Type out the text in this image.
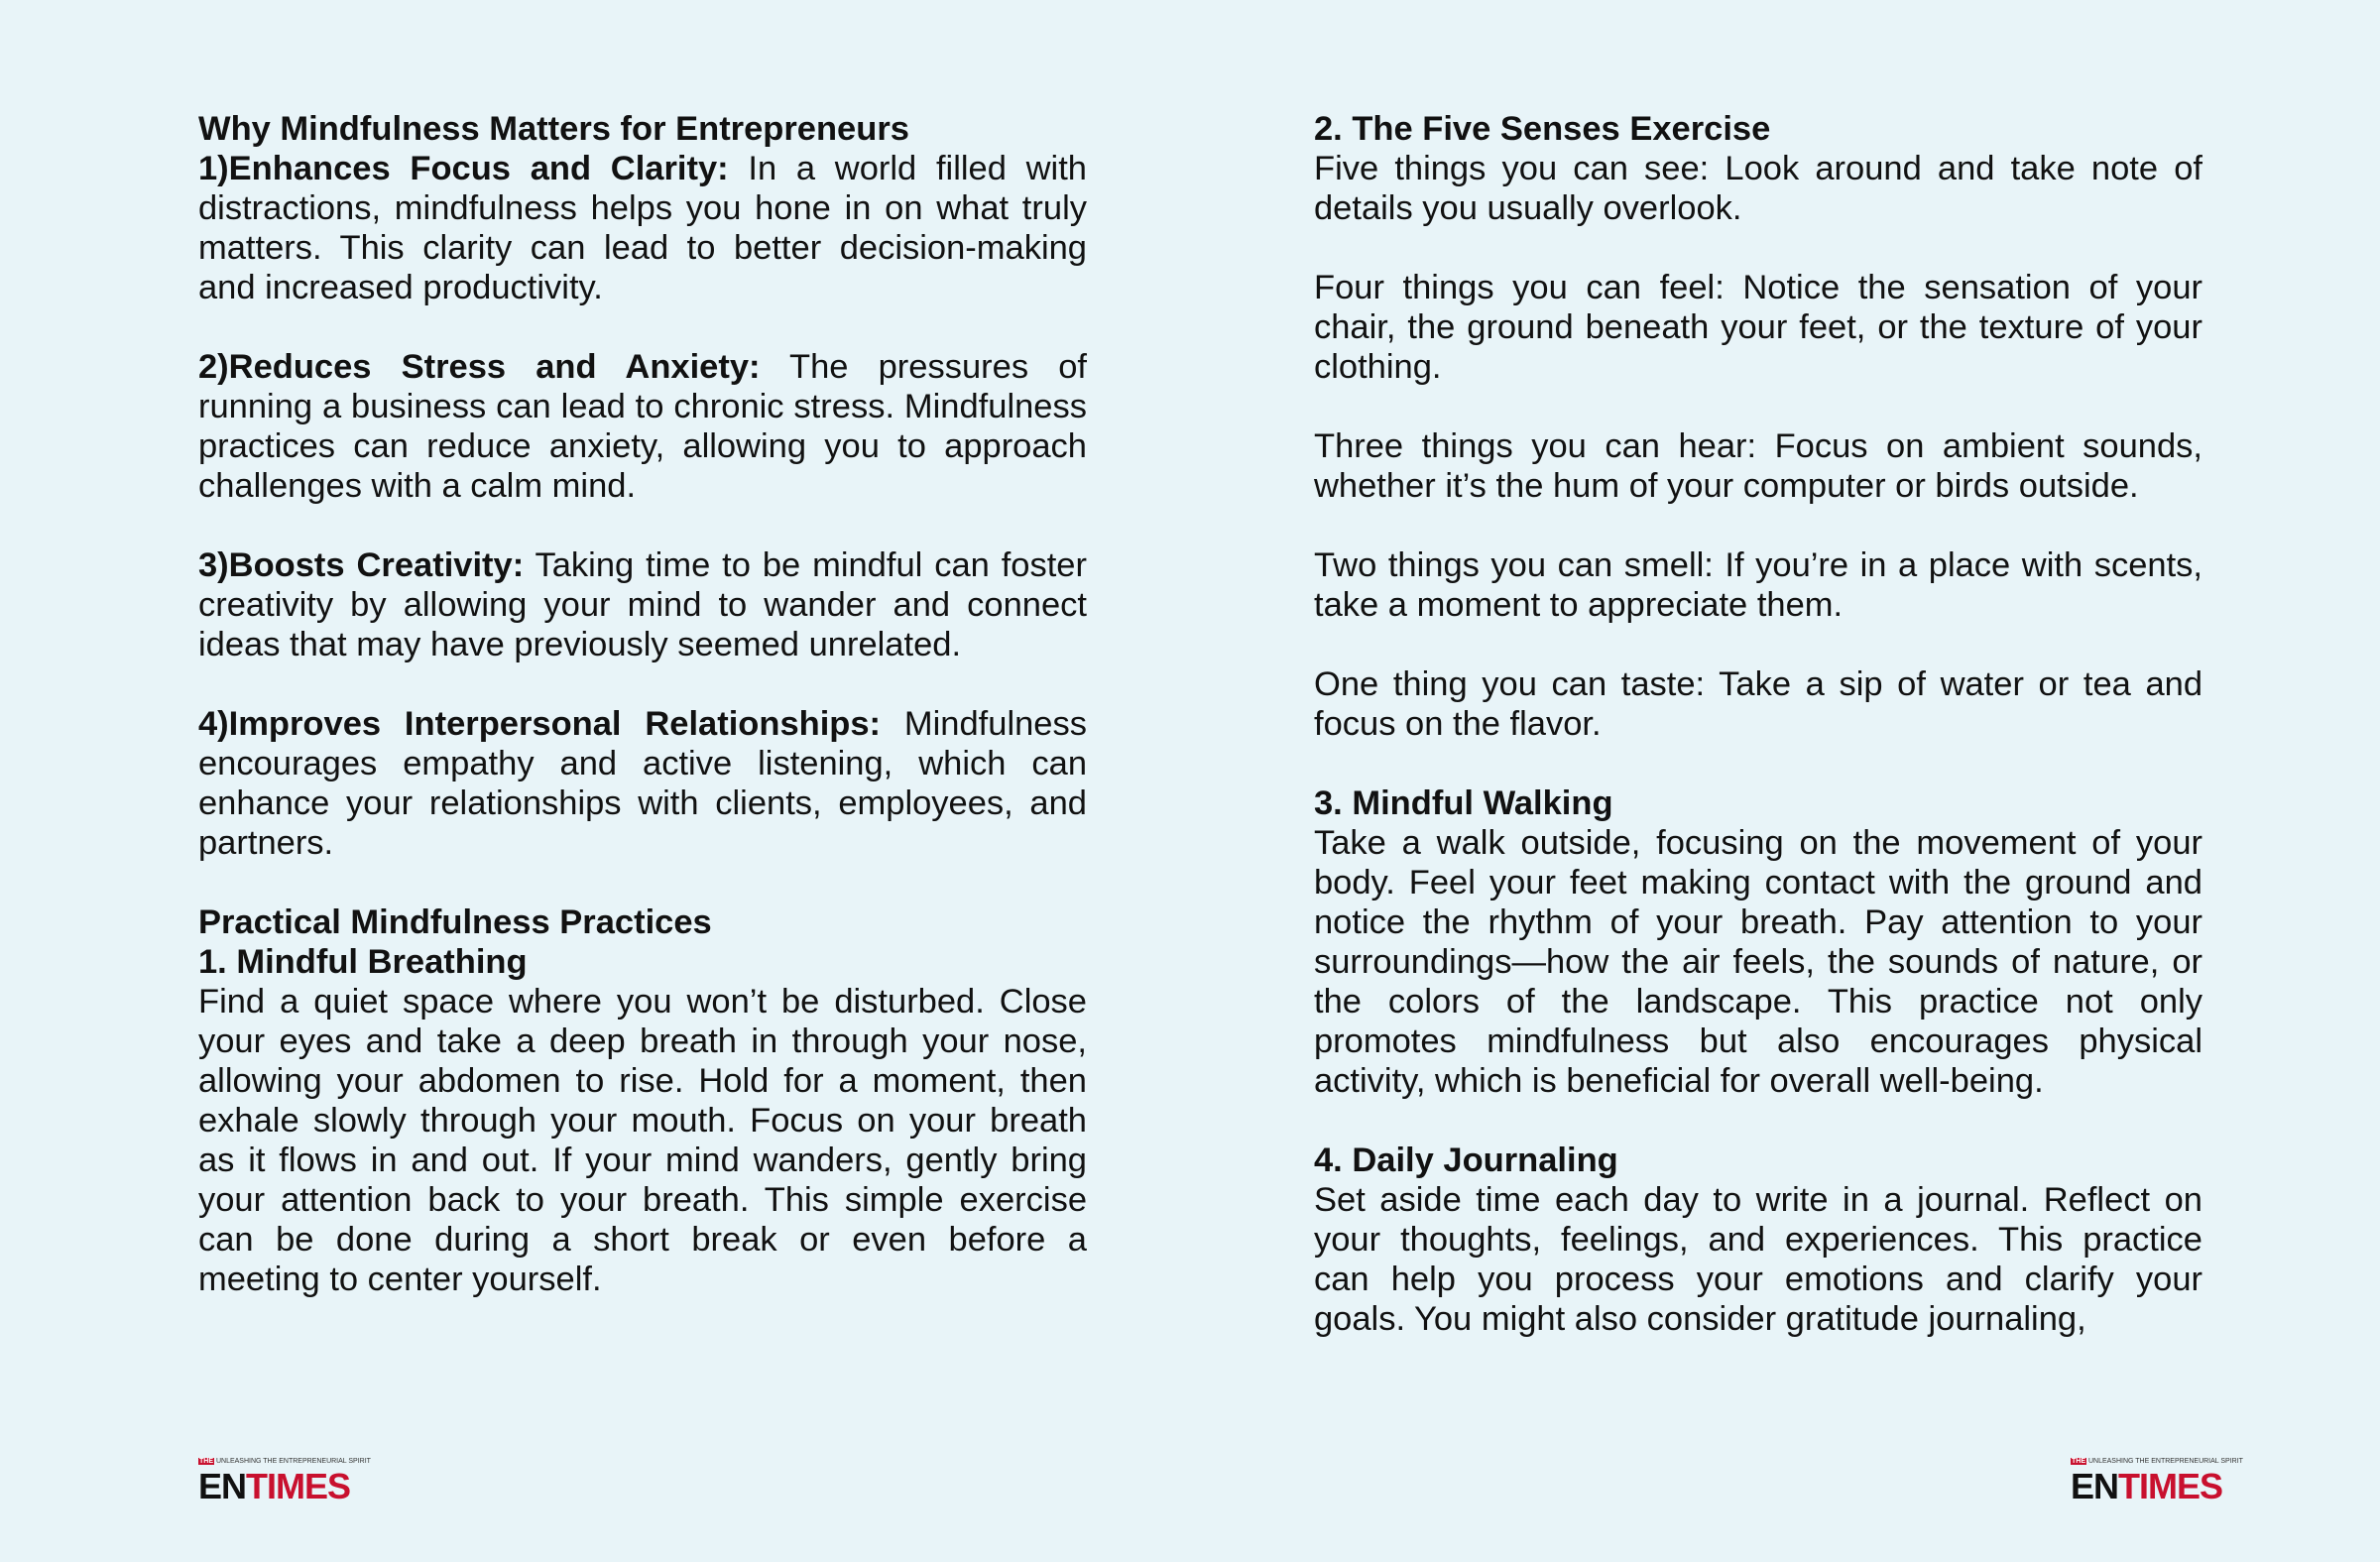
Why Mindfulness Matters for Entrepreneurs

1)Enhances Focus and Clarity: In a world filled with distractions, mindfulness helps you hone in on what truly matters. This clarity can lead to better decision-making and increased productivity.

2)Reduces Stress and Anxiety: The pressures of running a business can lead to chronic stress. Mindfulness practices can reduce anxiety, allowing you to approach challenges with a calm mind.

3)Boosts Creativity: Taking time to be mindful can foster creativity by allowing your mind to wander and connect ideas that may have previously seemed unrelated.

4)Improves Interpersonal Relationships: Mindfulness encourages empathy and active listening, which can enhance your relationships with clients, employees, and partners.

Practical Mindfulness Practices
1. Mindful Breathing
Find a quiet space where you won’t be disturbed. Close your eyes and take a deep breath in through your nose, allowing your abdomen to rise. Hold for a moment, then exhale slowly through your mouth. Focus on your breath as it flows in and out. If your mind wanders, gently bring your attention back to your breath. This simple exercise can be done during a short break or even before a meeting to center yourself.

2. The Five Senses Exercise
Five things you can see: Look around and take note of details you usually overlook.

Four things you can feel: Notice the sensation of your chair, the ground beneath your feet, or the texture of your clothing.

Three things you can hear: Focus on ambient sounds, whether it’s the hum of your computer or birds outside.

Two things you can smell: If you’re in a place with scents, take a moment to appreciate them.

One thing you can taste: Take a sip of water or tea and focus on the flavor.

3. Mindful Walking
Take a walk outside, focusing on the movement of your body. Feel your feet making contact with the ground and notice the rhythm of your breath. Pay attention to your surroundings—how the air feels, the sounds of nature, or the colors of the landscape. This practice not only promotes mindfulness but also encourages physical activity, which is beneficial for overall well-being.

4. Daily Journaling
Set aside time each day to write in a journal. Reflect on your thoughts, feelings, and experiences. This practice can help you process your emotions and clarify your goals. You might also consider gratitude journaling,

THE UNLEASHING THE ENTREPRENEURIAL SPIRIT
ENTIMES
THE UNLEASHING THE ENTREPRENEURIAL SPIRIT
ENTIMES
